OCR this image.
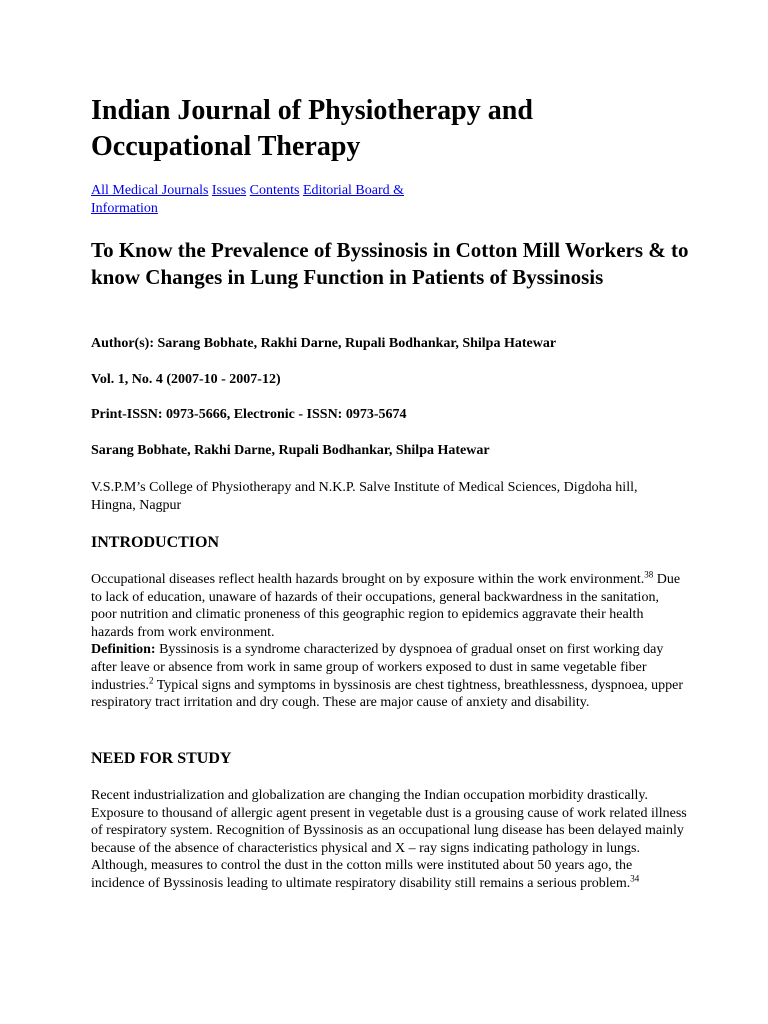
Indian Journal of Physiotherapy and Occupational Therapy
All Medical Journals Issues Contents Editorial Board & Information
To Know the Prevalence of Byssinosis in Cotton Mill Workers & to know Changes in Lung Function in Patients of Byssinosis

Author(s): Sarang Bobhate, Rakhi Darne, Rupali Bodhankar, Shilpa Hatewar

Vol. 1, No. 4 (2007-10 - 2007-12)

Print-ISSN: 0973-5666, Electronic - ISSN: 0973-5674

Sarang Bobhate, Rakhi Darne, Rupali Bodhankar, Shilpa Hatewar

V.S.P.M’s College of Physiotherapy and N.K.P. Salve Institute of Medical Sciences, Digdoha hill, Hingna, Nagpur

INTRODUCTION

Occupational diseases reflect health hazards brought on by exposure within the work environment.$^{38}$ Due to lack of education, unaware of hazards of their occupations, general backwardness in the sanitation, poor nutrition and climatic proneness of this geographic region to epidemics aggravate their health hazards from work environment.
Definition: Byssinosis is a syndrome characterized by dyspnoea of gradual onset on first working day after leave or absence from work in same group of workers exposed to dust in same vegetable fiber industries.$^2$ Typical signs and symptoms in byssinosis are chest tightness, breathlessness, dyspnoea, upper respiratory tract irritation and dry cough. These are major cause of anxiety and disability.

NEED FOR STUDY

Recent industrialization and globalization are changing the Indian occupation morbidity drastically. Exposure to thousand of allergic agent present in vegetable dust is a grousing cause of work related illness of respiratory system. Recognition of Byssinosis as an occupational lung disease has been delayed mainly because of the absence of characteristics physical and X – ray signs indicating pathology in lungs. Although, measures to control the dust in the cotton mills were instituted about 50 years ago, the incidence of Byssinosis leading to ultimate respiratory disability still remains a serious problem.$^{34}$
